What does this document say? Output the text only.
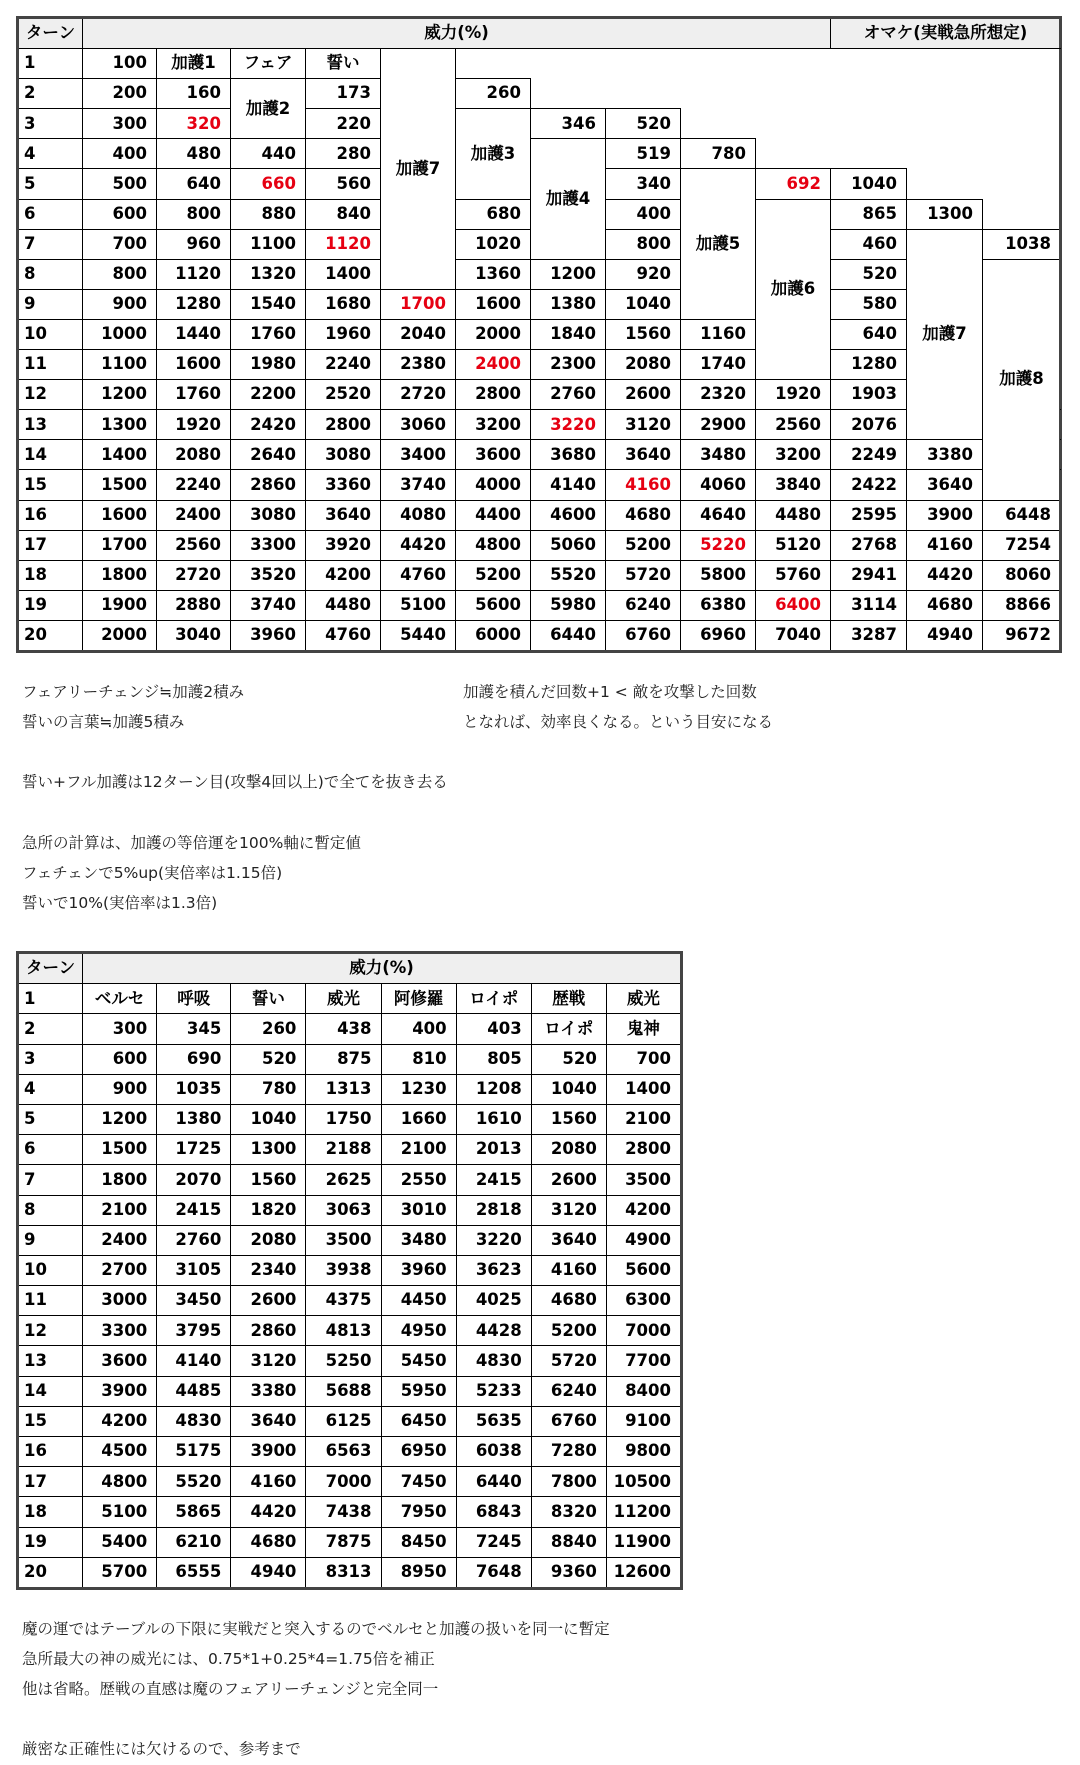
ターン	威力(%)										オマケ(実戦急所想定)			
1	100	加護1	フェア	誓い	加護7									
2	200	160	加護2	173		260								
3	300	320		220		加護3	346	520						
4	400	480	440	280			加護4	519	780					
5	500	640	660	560				340	加護5	692	1040			
6	600	800	880	840		680		400		加護6	865	1300		
7	700	960	1100	1120		1020		800			460	加護7	1038	
8	800	1120	1320	1400		1360	1200	920			520		加護8		
9	900	1280	1540	1680	1700	1600	1380	1040			580				
10	1000	1440	1760	1960	2040	2000	1840	1560	1160		640			
11	1100	1600	1980	2240	2380	2400	2300	2080	1740		1280			
12	1200	1760	2200	2520	2720	2800	2760	2600	2320	1920	1903		
13	1300	1920	2420	2800	3060	3200	3220	3120	2900	2560	2076		
14	1400	2080	2640	3080	3400	3600	3680	3640	3480	3200	2249	3380	
15	1500	2240	2860	3360	3740	4000	4140	4160	4060	3840	2422	3640	
16	1600	2400	3080	3640	4080	4400	4600	4680	4640	4480	2595	3900	6448	
17	1700	2560	3300	3920	4420	4800	5060	5200	5220	5120	2768	4160	7254	
18	1800	2720	3520	4200	4760	5200	5520	5720	5800	5760	2941	4420	8060	
19	1900	2880	3740	4480	5100	5600	5980	6240	6380	6400	3114	4680	8866	
20	2000	3040	3960	4760	5440	6000	6440	6760	6960	7040	3287	4940	9672	
フェアリーチェンジ≒加護2積み
誓いの言葉≒加護5積み
加護を積んだ回数+1 < 敵を攻撃した回数
となれば、効率良くなる。という目安になる
誓い+フル加護は12ターン目(攻撃4回以上)で全てを抜き去る
急所の計算は、加護の等倍運を100%軸に暫定値
フェチェンで5%up(実倍率は1.15倍)
誓いで10%(実倍率は1.3倍)
ターン	威力(%)							
1	ベルセ	呼吸	誓い	威光	阿修羅	ロイポ	歴戦	威光
2	300	345	260	438	400	403	ロイポ	鬼神
3	600	690	520	875	810	805	520	700
4	900	1035	780	1313	1230	1208	1040	1400
5	1200	1380	1040	1750	1660	1610	1560	2100
6	1500	1725	1300	2188	2100	2013	2080	2800
7	1800	2070	1560	2625	2550	2415	2600	3500
8	2100	2415	1820	3063	3010	2818	3120	4200
9	2400	2760	2080	3500	3480	3220	3640	4900
10	2700	3105	2340	3938	3960	3623	4160	5600
11	3000	3450	2600	4375	4450	4025	4680	6300
12	3300	3795	2860	4813	4950	4428	5200	7000
13	3600	4140	3120	5250	5450	4830	5720	7700
14	3900	4485	3380	5688	5950	5233	6240	8400
15	4200	4830	3640	6125	6450	5635	6760	9100
16	4500	5175	3900	6563	6950	6038	7280	9800
17	4800	5520	4160	7000	7450	6440	7800	10500
18	5100	5865	4420	7438	7950	6843	8320	11200
19	5400	6210	4680	7875	8450	7245	8840	11900
20	5700	6555	4940	8313	8950	7648	9360	12600
魔の運ではテーブルの下限に実戦だと突入するのでベルセと加護の扱いを同一に暫定
急所最大の神の威光には、0.75*1+0.25*4=1.75倍を補正
他は省略。歴戦の直感は魔のフェアリーチェンジと完全同一
厳密な正確性には欠けるので、参考まで
